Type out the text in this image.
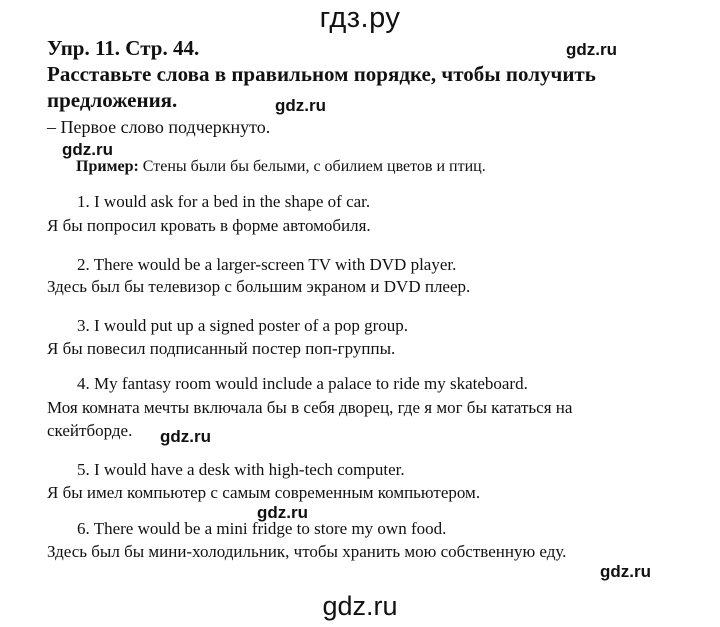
гдз.ру
Упр. 11. Стр. 44.	gdz.ru
Расставьте слова в правильном порядке, чтобы получить
предложения.	gdz.ru
– Первое слово подчеркнуто.
gdz.ru
Пример: Стены были бы белыми, с обилием цветов и птиц.
1. I would ask for a bed in the shape of car.
Я бы попросил кровать в форме автомобиля.
2. There would be a larger-screen TV with DVD player.
Здесь был бы телевизор с большим экраном и DVD плеер.
3. I would put up a signed poster of a pop group.
Я бы повесил подписанный постер поп-группы.
4. My fantasy room would include a palace to ride my skateboard.
Моя комната мечты включала бы в себя дворец, где я мог бы кататься на
скейтборде. gdz.ru
5. I would have a desk with high-tech computer.
Я бы имел компьютер с самым современным компьютером.
gdz.ru
6. There would be a mini fridge to store my own food.
Здесь был бы мини-холодильник, чтобы хранить мою собственную еду.
gdz.ru
gdz.ru
